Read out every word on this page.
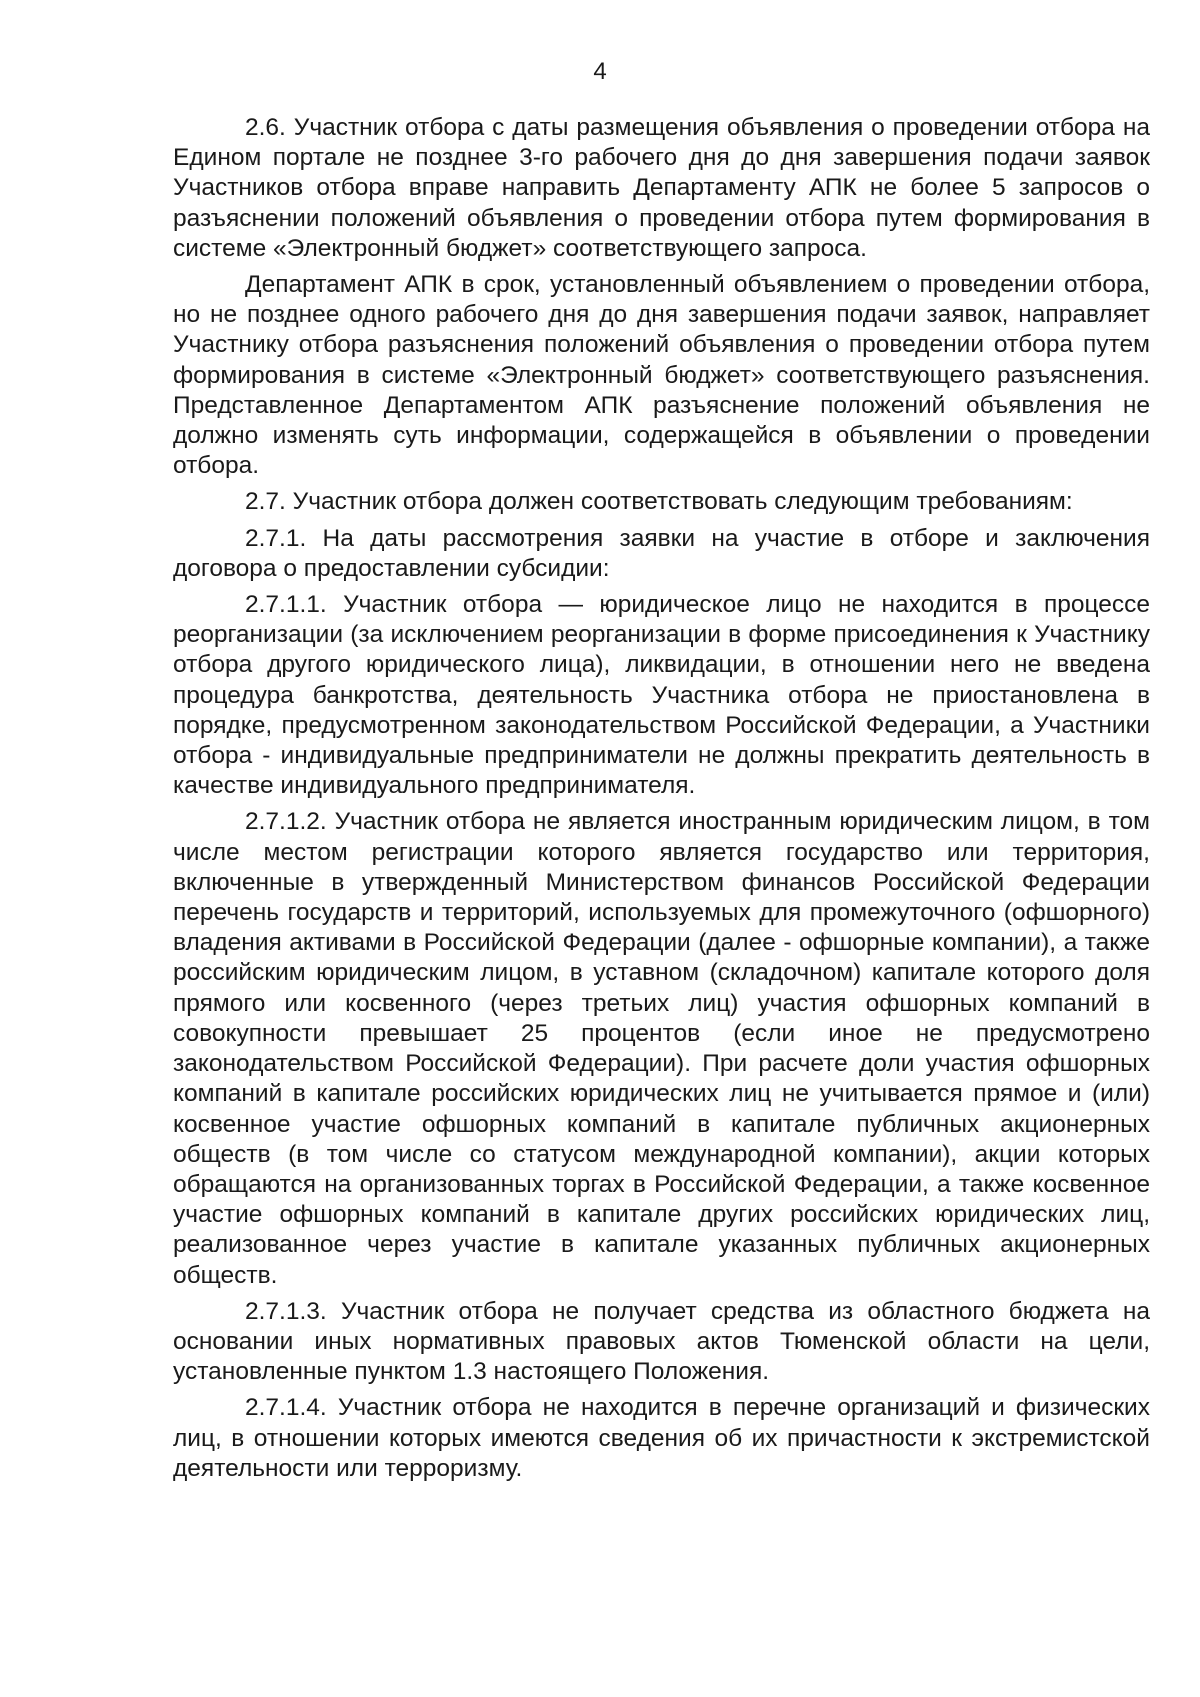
4

2.6. Участник отбора с даты размещения объявления о проведении отбора на Едином портале не позднее 3-го рабочего дня до дня завершения подачи заявок Участников отбора вправе направить Департаменту АПК не более 5 запросов о разъяснении положений объявления о проведении отбора путем формирования в системе «Электронный бюджет» соответствующего запроса.

Департамент АПК в срок, установленный объявлением о проведении отбора, но не позднее одного рабочего дня до дня завершения подачи заявок, направляет Участнику отбора разъяснения положений объявления о проведении отбора путем формирования в системе «Электронный бюджет» соответствующего разъяснения. Представленное Департаментом АПК разъяснение положений объявления не должно изменять суть информации, содержащейся в объявлении о проведении отбора.

2.7. Участник отбора должен соответствовать следующим требованиям:

2.7.1. На даты рассмотрения заявки на участие в отборе и заключения договора о предоставлении субсидии:

2.7.1.1. Участник отбора — юридическое лицо не находится в процессе реорганизации (за исключением реорганизации в форме присоединения к Участнику отбора другого юридического лица), ликвидации, в отношении него не введена процедура банкротства, деятельность Участника отбора не приостановлена в порядке, предусмотренном законодательством Российской Федерации, а Участники отбора - индивидуальные предприниматели не должны прекратить деятельность в качестве индивидуального предпринимателя.

2.7.1.2. Участник отбора не является иностранным юридическим лицом, в том числе местом регистрации которого является государство или территория, включенные в утвержденный Министерством финансов Российской Федерации перечень государств и территорий, используемых для промежуточного (офшорного) владения активами в Российской Федерации (далее - офшорные компании), а также российским юридическим лицом, в уставном (складочном) капитале которого доля прямого или косвенного (через третьих лиц) участия офшорных компаний в совокупности превышает 25 процентов (если иное не предусмотрено законодательством Российской Федерации). При расчете доли участия офшорных компаний в капитале российских юридических лиц не учитывается прямое и (или) косвенное участие офшорных компаний в капитале публичных акционерных обществ (в том числе со статусом международной компании), акции которых обращаются на организованных торгах в Российской Федерации, а также косвенное участие офшорных компаний в капитале других российских юридических лиц, реализованное через участие в капитале указанных публичных акционерных обществ.

2.7.1.3. Участник отбора не получает средства из областного бюджета на основании иных нормативных правовых актов Тюменской области на цели, установленные пунктом 1.3 настоящего Положения.

2.7.1.4. Участник отбора не находится в перечне организаций и физических лиц, в отношении которых имеются сведения об их причастности к экстремистской деятельности или терроризму.
